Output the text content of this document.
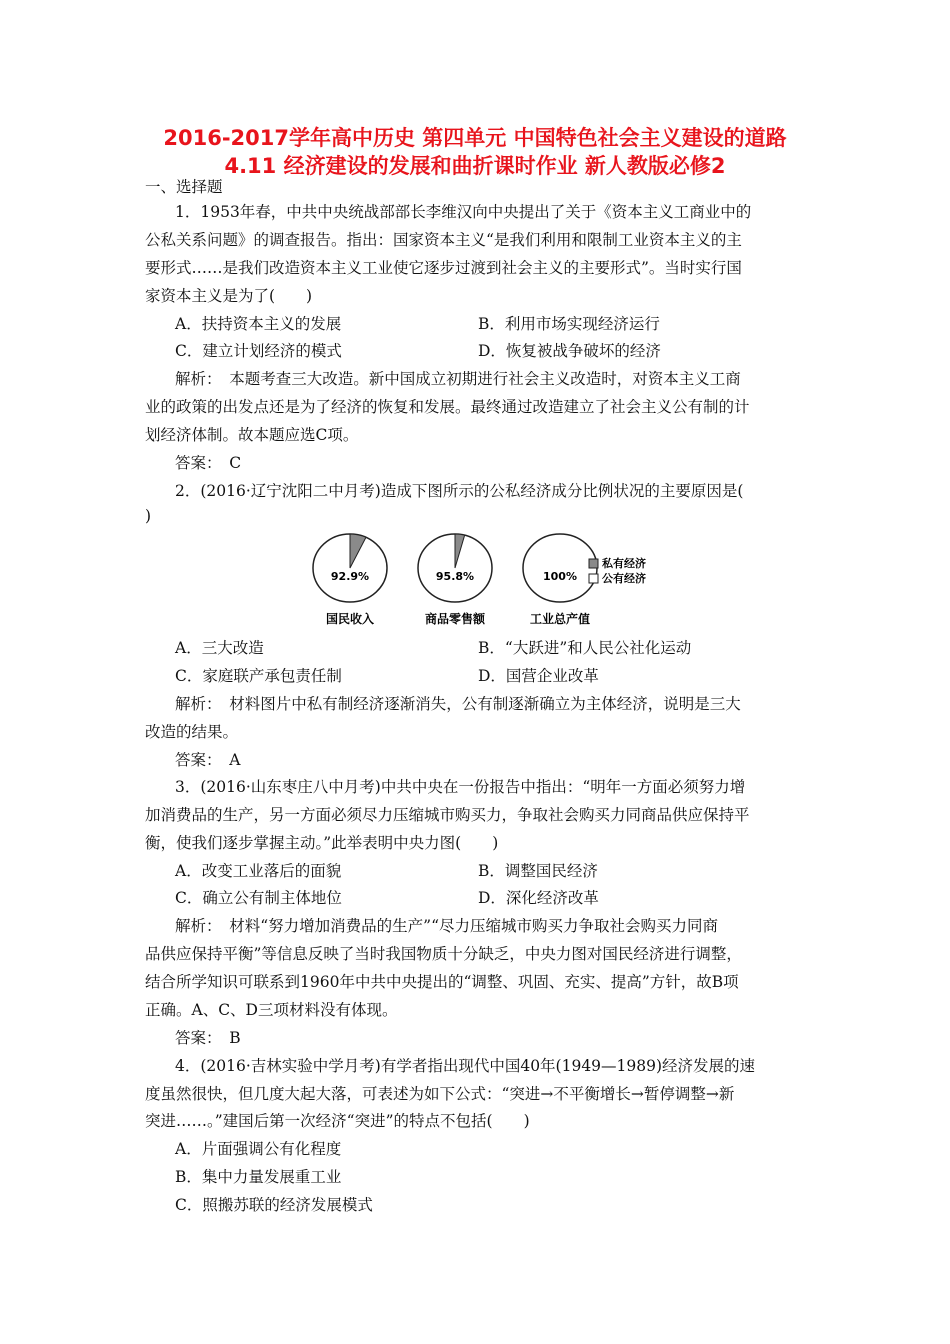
2016-2017学年高中历史 第四单元 中国特色社会主义建设的道路
4.11 经济建设的发展和曲折课时作业 新人教版必修2
一、选择题
1．1953年春，中共中央统战部部长李维汉向中央提出了关于《资本主义工商业中的
公私关系问题》的调查报告。指出：国家资本主义“是我们利用和限制工业资本主义的主
要形式……是我们改造资本主义工业使它逐步过渡到社会主义的主要形式”。当时实行国
家资本主义是为了(　　)
A．扶持资本主义的发展	B．利用市场实现经济运行
C．建立计划经济的模式	D．恢复被战争破坏的经济
解析：　本题考查三大改造。新中国成立初期进行社会主义改造时，对资本主义工商
业的政策的出发点还是为了经济的恢复和发展。最终通过改造建立了社会主义公有制的计
划经济体制。故本题应选C项。
答案：　C
2．(2016·辽宁沈阳二中月考)造成下图所示的公私经济成分比例状况的主要原因是(
)
92.9%
国民收入
95.8%
商品零售额
100%
工业总产值
私有经济
公有经济
A．三大改造	B．“大跃进”和人民公社化运动
C．家庭联产承包责任制	D．国营企业改革
解析：　材料图片中私有制经济逐渐消失，公有制逐渐确立为主体经济，说明是三大
改造的结果。
答案：　A
3．(2016·山东枣庄八中月考)中共中央在一份报告中指出：“明年一方面必须努力增
加消费品的生产，另一方面必须尽力压缩城市购买力，争取社会购买力同商品供应保持平
衡，使我们逐步掌握主动。”此举表明中央力图(　　)
A．改变工业落后的面貌	B．调整国民经济
C．确立公有制主体地位	D．深化经济改革
解析：　材料“努力增加消费品的生产”“尽力压缩城市购买力争取社会购买力同商
品供应保持平衡”等信息反映了当时我国物质十分缺乏，中央力图对国民经济进行调整，
结合所学知识可联系到1960年中共中央提出的“调整、巩固、充实、提高”方针，故B项
正确。A、C、D三项材料没有体现。
答案：　B
4．(2016·吉林实验中学月考)有学者指出现代中国40年(1949—1989)经济发展的速
度虽然很快，但几度大起大落，可表述为如下公式：“突进→不平衡增长→暂停调整→新
突进……。”建国后第一次经济“突进”的特点不包括(　　)
A．片面强调公有化程度
B．集中力量发展重工业
C．照搬苏联的经济发展模式
